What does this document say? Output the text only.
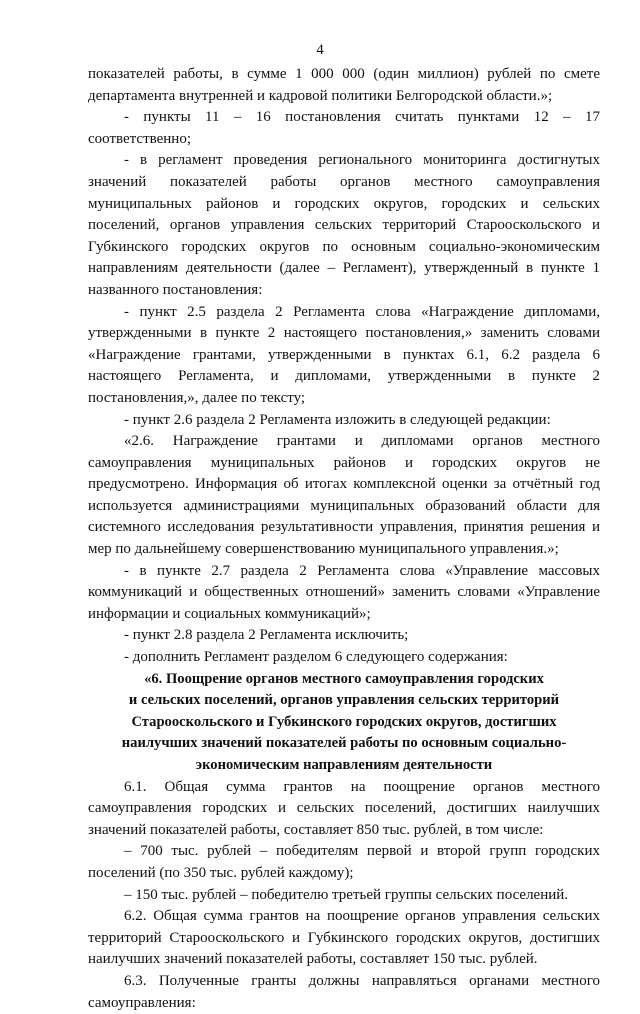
4

показателей работы, в сумме 1 000 000 (один миллион) рублей по смете департамента внутренней и кадровой политики Белгородской области.»;

- пункты 11 – 16 постановления считать пунктами 12 – 17 соответственно;

- в регламент проведения регионального мониторинга достигнутых значений показателей работы органов местного самоуправления муниципальных районов и городских округов, городских и сельских поселений, органов управления сельских территорий Старооскольского и Губкинского городских округов по основным социально-экономическим направлениям деятельности (далее – Регламент), утвержденный в пункте 1 названного постановления:

- пункт 2.5 раздела 2 Регламента слова «Награждение дипломами, утвержденными в пункте 2 настоящего постановления,» заменить словами «Награждение грантами, утвержденными в пунктах 6.1, 6.2 раздела 6 настоящего Регламента, и дипломами, утвержденными в пункте 2 постановления,», далее по тексту;

- пункт 2.6 раздела 2 Регламента изложить в следующей редакции:

«2.6. Награждение грантами и дипломами органов местного самоуправления муниципальных районов и городских округов не предусмотрено. Информация об итогах комплексной оценки за отчётный год используется администрациями муниципальных образований области для системного исследования результативности управления, принятия решения и мер по дальнейшему совершенствованию муниципального управления.»;

- в пункте 2.7 раздела 2 Регламента слова «Управление массовых коммуникаций и общественных отношений» заменить словами «Управление информации и социальных коммуникаций»;

- пункт 2.8 раздела 2 Регламента исключить;

- дополнить Регламент разделом 6 следующего содержания:

«6. Поощрение органов местного самоуправления городских

и сельских поселений, органов управления сельских территорий

Старооскольского и Губкинского городских округов, достигших

наилучших значений показателей работы по основным социально-

экономическим направлениям деятельности

6.1. Общая сумма грантов на поощрение органов местного самоуправления городских и сельских поселений, достигших наилучших значений показателей работы, составляет 850 тыс. рублей, в том числе:

– 700 тыс. рублей – победителям первой и второй групп городских поселений (по 350 тыс. рублей каждому);

– 150 тыс. рублей – победителю третьей группы сельских поселений.

6.2. Общая сумма грантов на поощрение органов управления сельских территорий Старооскольского и Губкинского городских округов, достигших наилучших значений показателей работы, составляет 150 тыс. рублей.

6.3. Полученные гранты должны направляться органами местного самоуправления:
